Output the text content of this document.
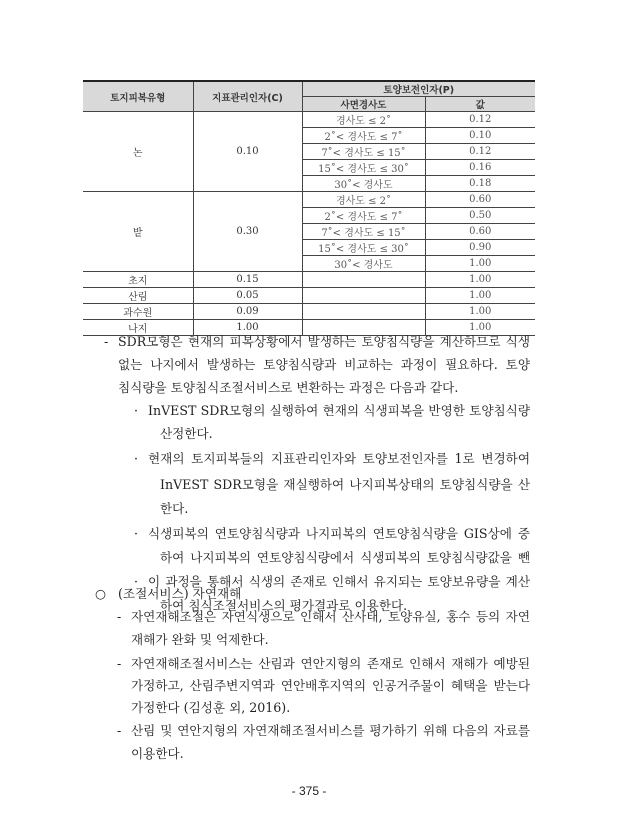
토지피복유형	지표관리인자(C)	토양보전인자(P)	
		사면경사도	값
논	0.10	경사도 ≤ 2˚	0.12
		2˚< 경사도 ≤ 7˚	0.10
		7˚< 경사도 ≤ 15˚	0.12
		15˚< 경사도 ≤ 30˚	0.16
		30˚< 경사도	0.18
밭	0.30	경사도 ≤ 2˚	0.60
		2˚< 경사도 ≤ 7˚	0.50
		7˚< 경사도 ≤ 15˚	0.60
		15˚< 경사도 ≤ 30˚	0.90
		30˚< 경사도	1.00
초지	0.15		1.00
산림	0.05		1.00
과수원	0.09		1.00
나지	1.00		1.00
SDR모형은 현재의 피복상황에서 발생하는 토양침식량을 계산하므로 식생
-
없는 나지에서 발생하는 토양침식량과 비교하는 과정이 필요하다. 토양
침식량을 토양침식조절서비스로 변환하는 과정은 다음과 같다.
InVEST SDR모형의 실행하여 현재의 식생피복을 반영한 토양침식량
·
산정한다.
현재의 토지피복들의 지표관리인자와 토양보전인자를 1로 변경하여
·
InVEST SDR모형을 재실행하여 나지피복상태의 토양침식량을 산
한다.
식생피복의 연토양침식량과 나지피복의 연토양침식량을 GIS상에 중
·
하여 나지피복의 연토양침식량에서 식생피복의 토양침식량값을 뺀
이 과정을 통해서 식생의 존재로 인해서 유지되는 토양보유량을 계산
·
하여 침식조절서비스의 평가결과로 이용한다.
(조절서비스) 자연재해
○
자연재해조절은 자연식생으로 인해서 산사태, 토양유실, 홍수 등의 자연
-
재해가 완화 및 억제한다.
자연재해조절서비스는 산림과 연안지형의 존재로 인해서 재해가 예방된
-
가정하고, 산림주변지역과 연안배후지역의 인공거주물이 혜택을 받는다
가정한다 (김성훈 외, 2016).
산림 및 연안지형의 자연재해조절서비스를 평가하기 위해 다음의 자료를
-
이용한다.
- 375 -
